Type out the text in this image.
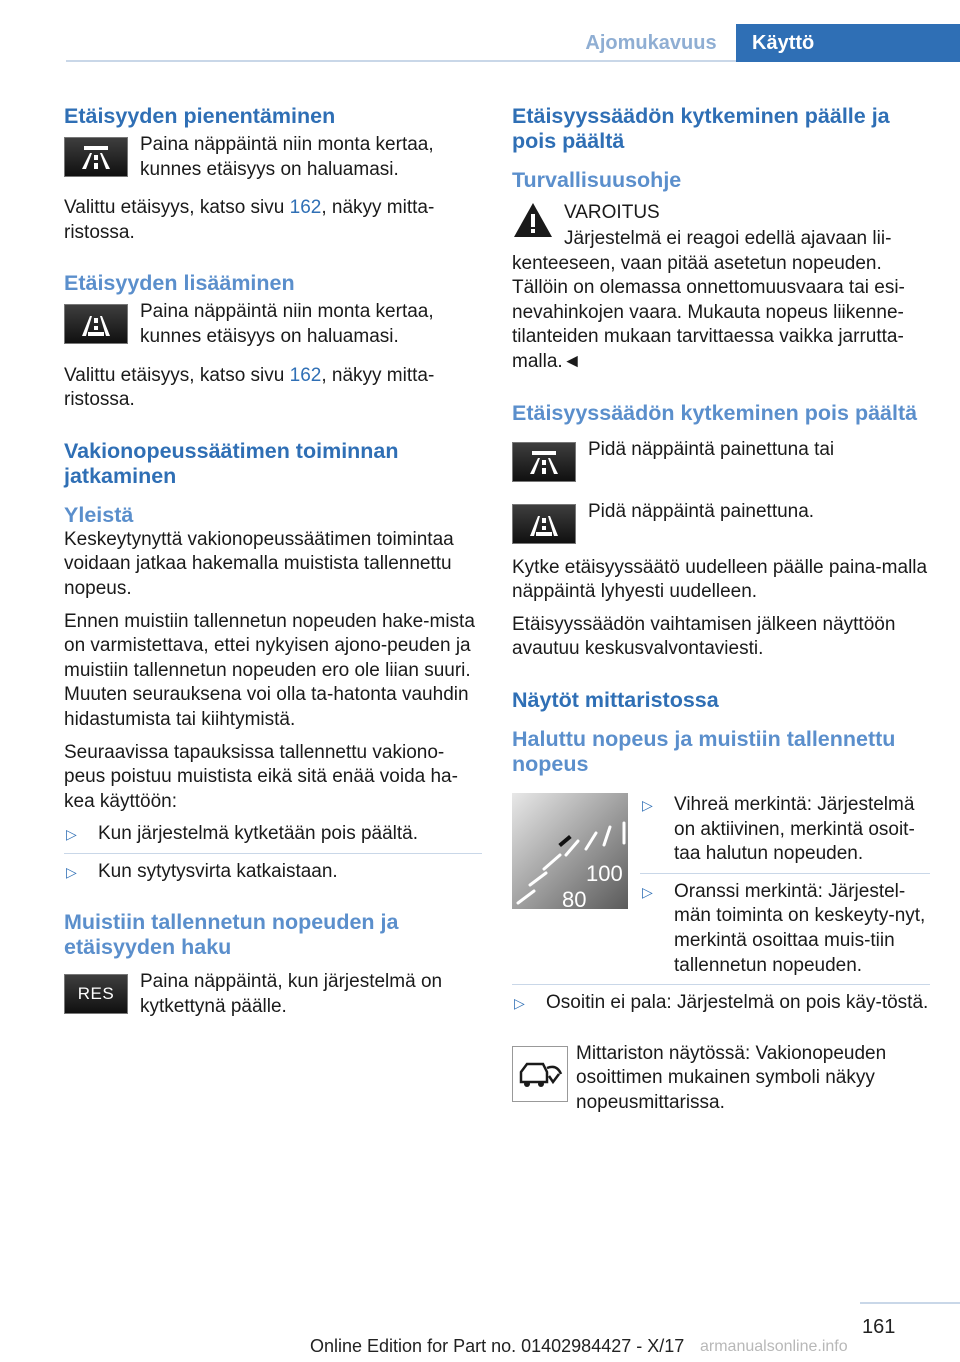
Ajomukavuus	Käyttö
Etäisyyden pienentäminen
Paina näppäintä niin monta kertaa, kunnes etäisyys on haluamasi.

Valittu etäisyys, katso sivu 162, näkyy mitta-ristossa.

Etäisyyden lisääminen
Paina näppäintä niin monta kertaa, kunnes etäisyys on haluamasi.

Valittu etäisyys, katso sivu 162, näkyy mitta-ristossa.

Vakionopeussäätimen toiminnan jatkaminen
Yleistä

Keskeytynyttä vakionopeussäätimen toimintaa voidaan jatkaa hakemalla muistista tallennettu nopeus.

Ennen muistiin tallennetun nopeuden hake-mista on varmistettava, ettei nykyisen ajono-peuden ja muistiin tallennetun nopeuden ero ole liian suuri. Muuten seurauksena voi olla ta-hatonta vauhdin hidastumista tai kiihtymistä.

Seuraavissa tapauksissa tallennettu vakiono-peus poistuu muistista eikä sitä enää voida ha-kea käyttöön:

▷	Kun järjestelmä kytketään pois päältä.
▷	Kun sytytysvirta katkaistaan.
Muistiin tallennetun nopeuden ja etäisyyden haku
RES
Paina näppäintä, kun järjestelmä on kytkettynä päälle.
Etäisyyssäädön kytkeminen päälle ja pois päältä
Turvallisuusohje

VAROITUS

Järjestelmä ei reagoi edellä ajavaan lii-kenteeseen, vaan pitää asetetun nopeuden. Tällöin on olemassa onnettomuusvaara tai esi-nevahinkojen vaara. Mukauta nopeus liikenne-tilanteiden mukaan tarvittaessa vaikka jarrutta-malla.◄

Etäisyyssäädön kytkeminen pois päältä
Pidä näppäintä painettuna tai
Pidä näppäintä painettuna.

Kytke etäisyyssäätö uudelleen päälle paina-malla näppäintä lyhyesti uudelleen.

Etäisyyssäädön vaihtamisen jälkeen näyttöön avautuu keskusvalvontaviesti.

Näytöt mittaristossa
Haluttu nopeus ja muistiin tallennettu nopeus
100
80
▷	Vihreä merkintä: Järjestelmä on aktiivinen, merkintä osoit-taa halutun nopeuden.
▷	Oranssi merkintä: Järjestel-män toiminta on keskeyty-nyt, merkintä osoittaa muis-tiin tallennetun nopeuden.
▷	Osoitin ei pala: Järjestelmä on pois käy-töstä.
Mittariston näytössä: Vakionopeuden osoittimen mukainen symboli näkyy nopeusmittarissa.
161
Online Edition for Part no. 01402984427 - X/17 armanualsonline.info
